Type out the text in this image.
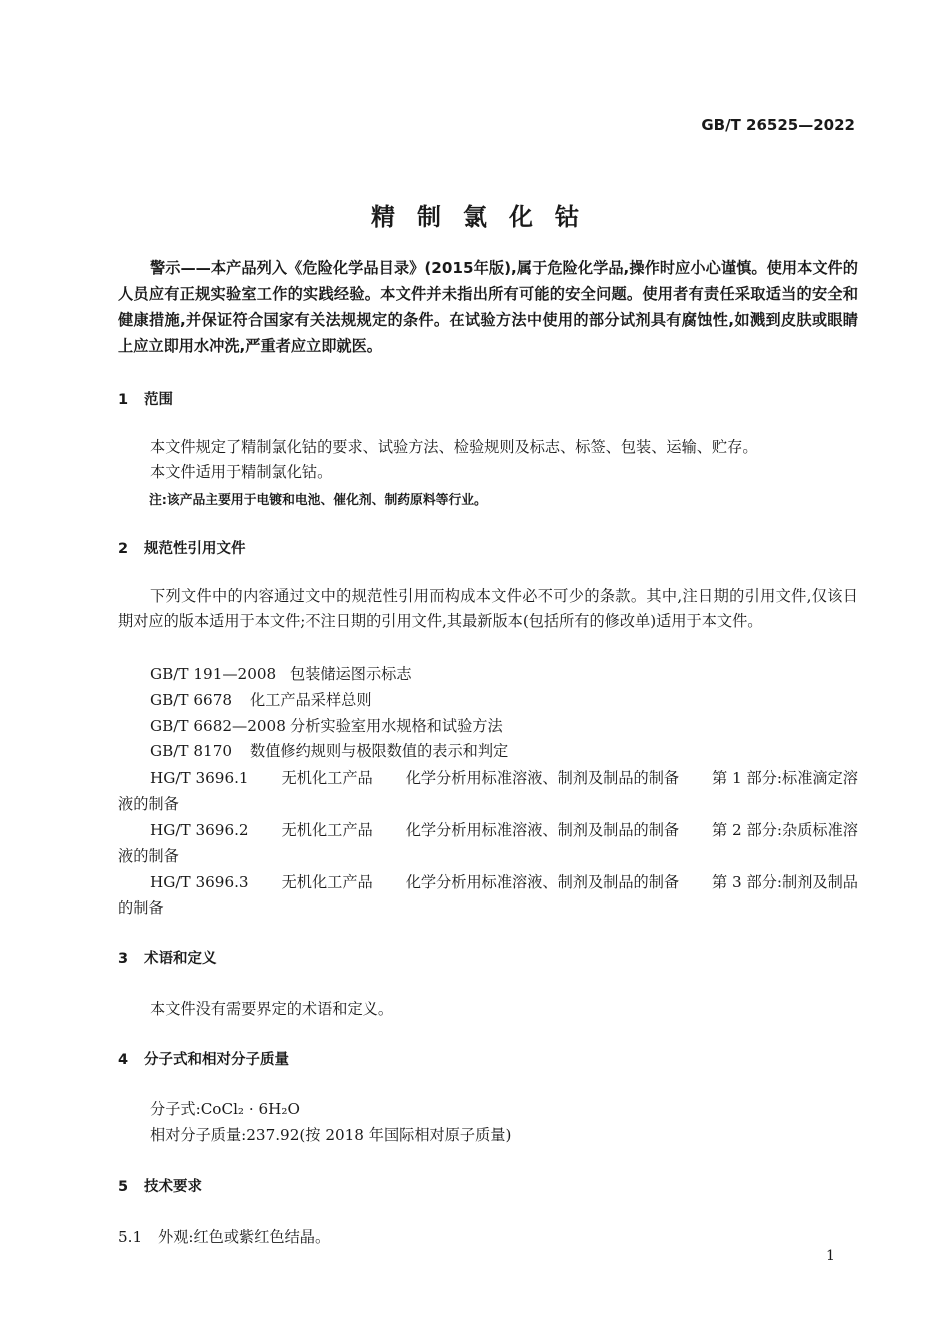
GB/T 26525—2022
精制氯化钴
警示——本产品列入《危险化学品目录》(2015年版),属于危险化学品,操作时应小心谨慎。使用本文件的人员应有正规实验室工作的实践经验。本文件并未指出所有可能的安全问题。使用者有责任采取适当的安全和健康措施,并保证符合国家有关法规规定的条件。在试验方法中使用的部分试剂具有腐蚀性,如溅到皮肤或眼睛上应立即用水冲洗,严重者应立即就医。
1 范围
本文件规定了精制氯化钴的要求、试验方法、检验规则及标志、标签、包装、运输、贮存。
本文件适用于精制氯化钴。
注:该产品主要用于电镀和电池、催化剂、制药原料等行业。
2 规范性引用文件
下列文件中的内容通过文中的规范性引用而构成本文件必不可少的条款。其中,注日期的引用文件,仅该日期对应的版本适用于本文件;不注日期的引用文件,其最新版本(包括所有的修改单)适用于本文件。
GB/T 191—2008 包装储运图示标志
GB/T 6678 化工产品采样总则
GB/T 6682—2008 分析实验室用水规格和试验方法
GB/T 8170 数值修约规则与极限数值的表示和判定
HG/T 3696.1 无机化工产品 化学分析用标准溶液、制剂及制品的制备 第 1 部分:标准滴定溶
液的制备
HG/T 3696.2 无机化工产品 化学分析用标准溶液、制剂及制品的制备 第 2 部分:杂质标准溶
液的制备
HG/T 3696.3 无机化工产品 化学分析用标准溶液、制剂及制品的制备 第 3 部分:制剂及制品
的制备
3 术语和定义
本文件没有需要界定的术语和定义。
4 分子式和相对分子质量
分子式:CoCl₂ · 6H₂O
相对分子质量:237.92(按 2018 年国际相对原子质量)
5 技术要求
5.1 外观:红色或紫红色结晶。
1
